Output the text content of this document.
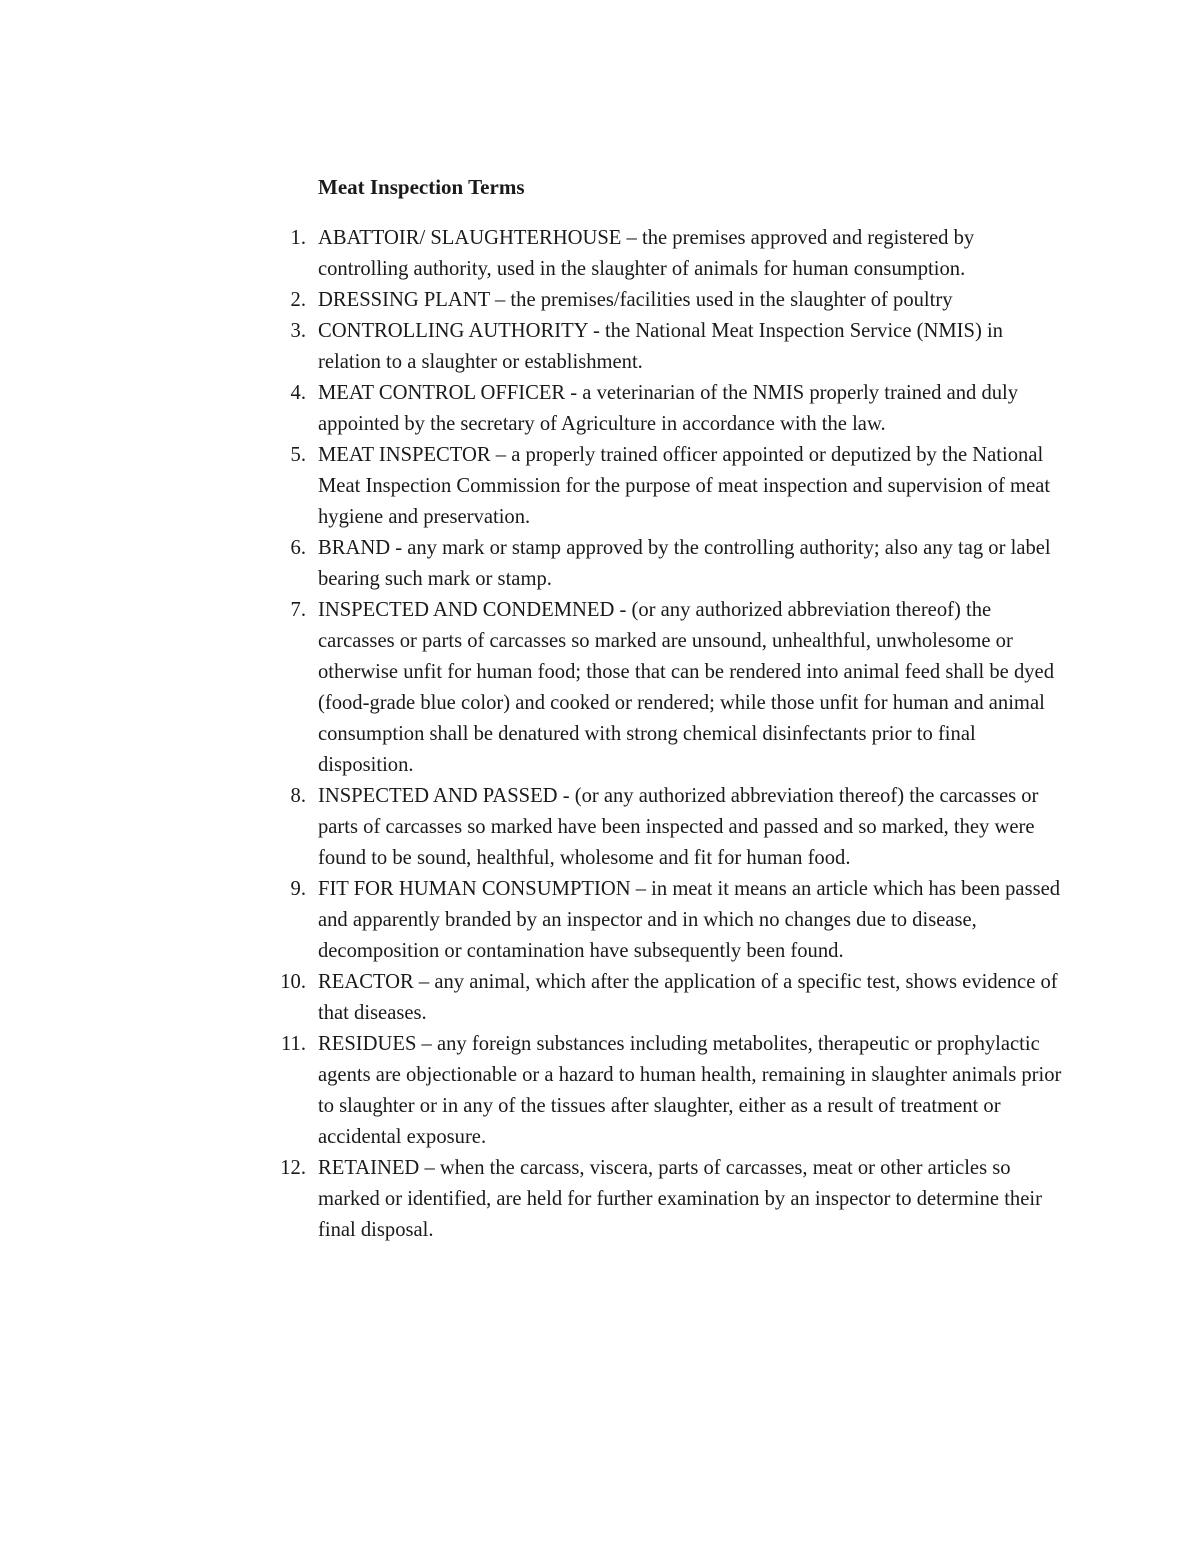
Meat Inspection Terms
1. ABATTOIR/ SLAUGHTERHOUSE – the premises approved and registered by controlling authority, used in the slaughter of animals for human consumption.
2. DRESSING PLANT – the premises/facilities used in the slaughter of poultry
3. CONTROLLING AUTHORITY - the National Meat Inspection Service (NMIS) in relation to a slaughter or establishment.
4. MEAT CONTROL OFFICER - a veterinarian of the NMIS properly trained and duly appointed by the secretary of Agriculture in accordance with the law.
5. MEAT INSPECTOR – a properly trained officer appointed or deputized by the National Meat Inspection Commission for the purpose of meat inspection and supervision of meat hygiene and preservation.
6. BRAND - any mark or stamp approved by the controlling authority; also any tag or label bearing such mark or stamp.
7. INSPECTED AND CONDEMNED - (or any authorized abbreviation thereof) the carcasses or parts of carcasses so marked are unsound, unhealthful, unwholesome or otherwise unfit for human food; those that can be rendered into animal feed shall be dyed (food-grade blue color) and cooked or rendered; while those unfit for human and animal consumption shall be denatured with strong chemical disinfectants prior to final disposition.
8. INSPECTED AND PASSED - (or any authorized abbreviation thereof) the carcasses or parts of carcasses so marked have been inspected and passed and so marked, they were found to be sound, healthful, wholesome and fit for human food.
9. FIT FOR HUMAN CONSUMPTION – in meat it means an article which has been passed and apparently branded by an inspector and in which no changes due to disease, decomposition or contamination have subsequently been found.
10. REACTOR – any animal, which after the application of a specific test, shows evidence of that diseases.
11. RESIDUES – any foreign substances including metabolites, therapeutic or prophylactic agents are objectionable or a hazard to human health, remaining in slaughter animals prior to slaughter or in any of the tissues after slaughter, either as a result of treatment or accidental exposure.
12. RETAINED – when the carcass, viscera, parts of carcasses, meat or other articles so marked or identified, are held for further examination by an inspector to determine their final disposal.
